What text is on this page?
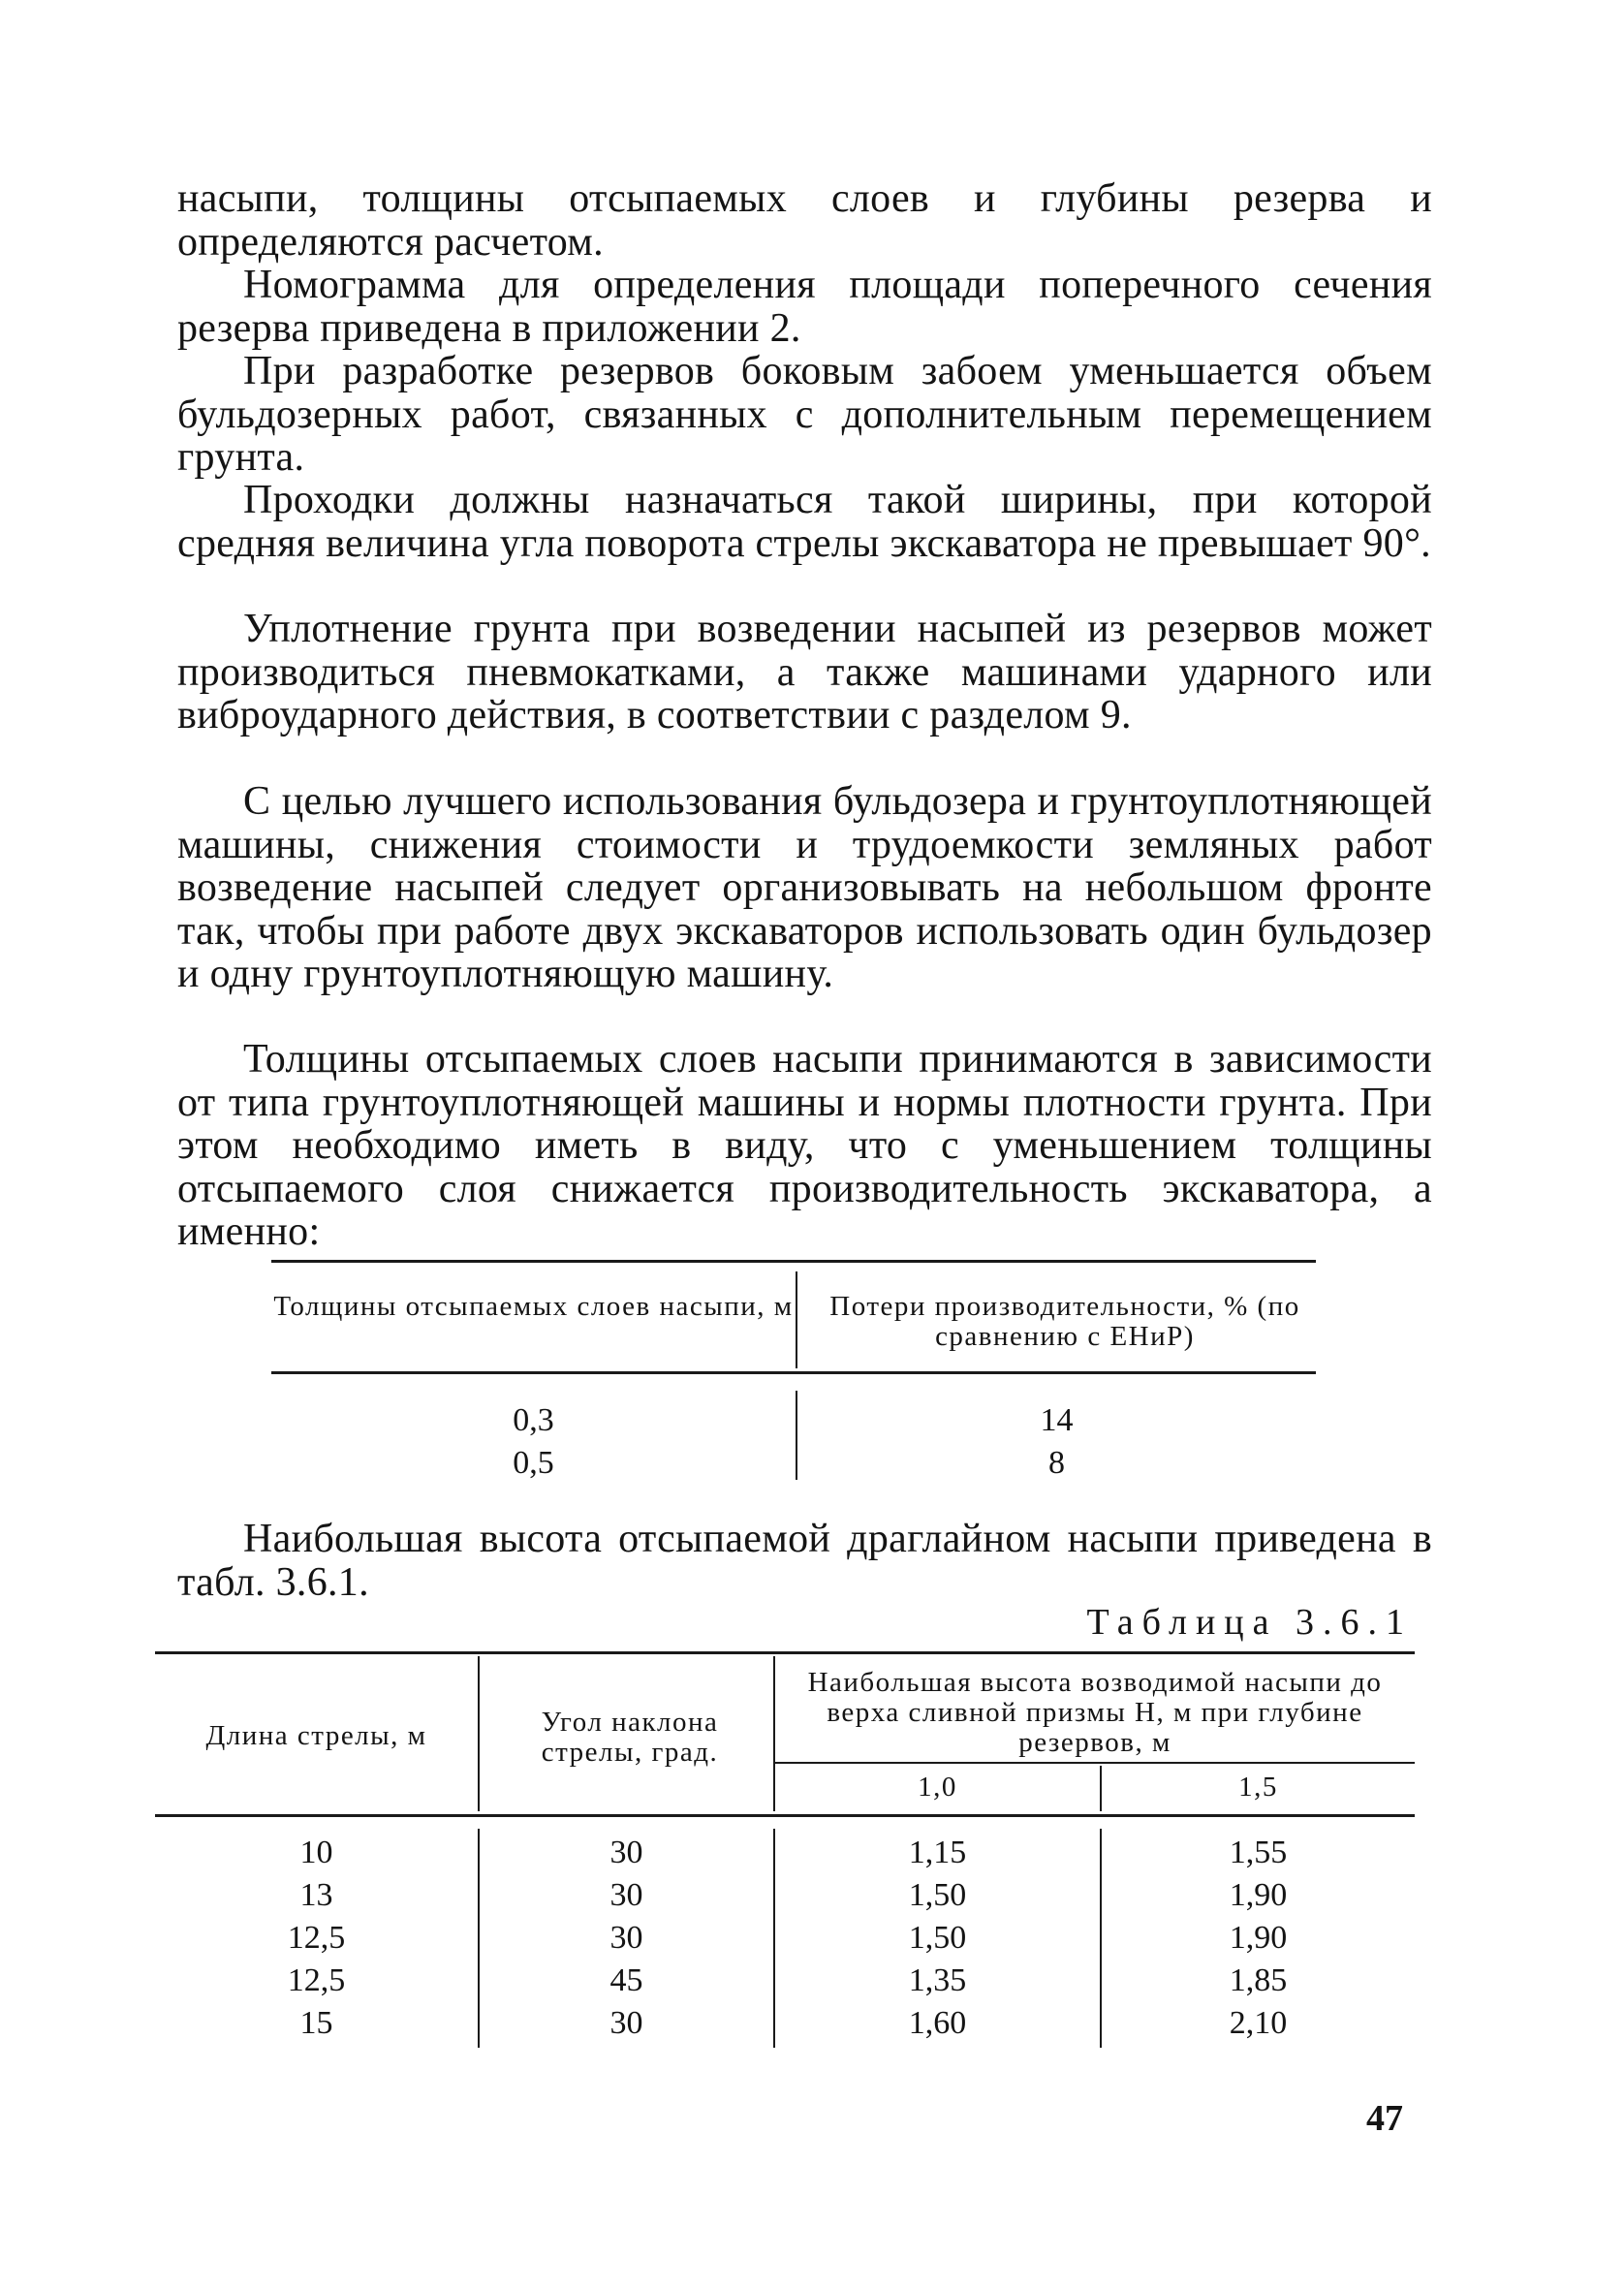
насыпи, толщины отсыпаемых слоев и глубины резерва и определяются расчетом.

Номограмма для определения площади поперечного сечения резерва приведена в приложении 2.

При разработке резервов боковым забоем уменьшается объем бульдозерных работ, связанных с дополнительным перемещением грунта.

Проходки должны назначаться такой ширины, при которой средняя величина угла поворота стрелы экскаватора не превышает 90°.

Уплотнение грунта при возведении насыпей из резервов может производиться пневмокатками, а также машинами ударного или виброударного действия, в соответствии с разделом 9.

С целью лучшего использования бульдозера и грунтоуплотняющей машины, снижения стоимости и трудоемкости земляных работ возведение насыпей следует организовывать на небольшом фронте так, чтобы при работе двух экскаваторов использовать один бульдозер и одну грунтоуплотняющую машину.

Толщины отсыпаемых слоев насыпи принимаются в зависимости от типа грунтоуплотняющей машины и нормы плотности грунта. При этом необходимо иметь в виду, что с уменьшением толщины отсыпаемого слоя снижается производительность экскаватора, а именно:

Толщины отсыпаемых слоев насыпи, м	Потери производительности, % (по сравнению с ЕНиР)
0,3	14
0,5	8

Наибольшая высота отсыпаемой драглайном насыпи приведена в табл. 3.6.1.

Таблица 3.6.1
Длина стрелы, м	Угол наклона стрелы, град.
Наибольшая высота возводимой насыпи до верха сливной призмы H, м при глубине резервов, м
1,0	1,5
10	30	1,15	1,55
13	30	1,50	1,90
12,5	30	1,50	1,90
12,5	45	1,35	1,85
15	30	1,60	2,10
47
